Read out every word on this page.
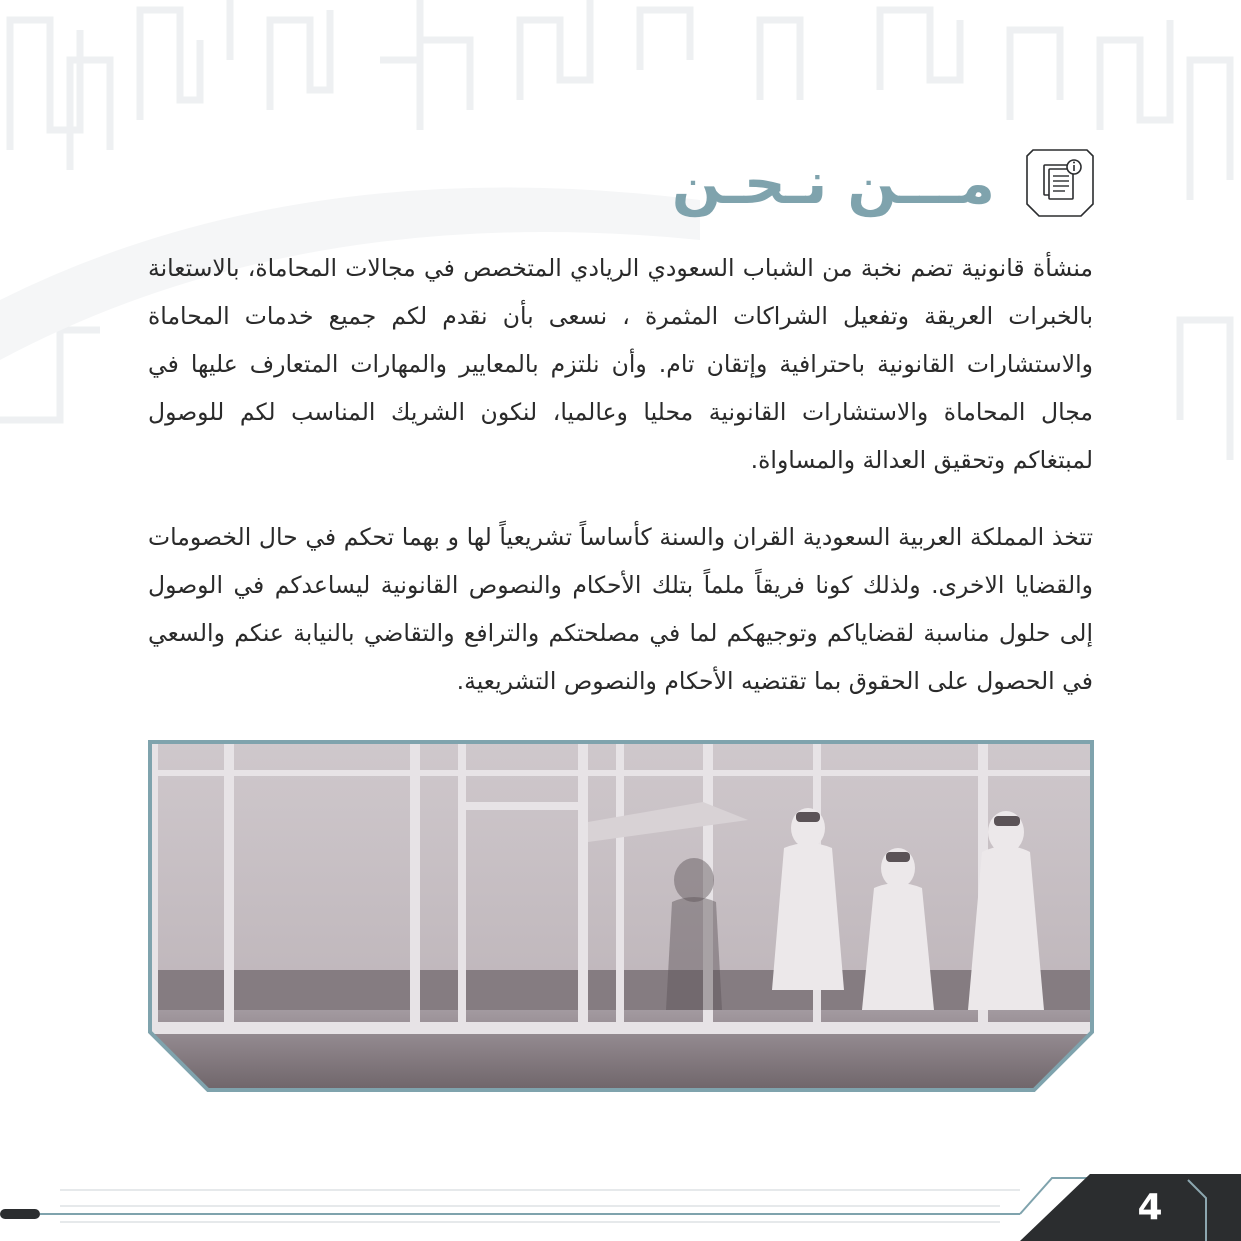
مـــن نـحـن

منشأة قانونية تضم نخبة من الشباب السعودي الريادي المتخصص في مجالات المحاماة، بالاستعانة بالخبرات العريقة وتفعيل الشراكات المثمرة ، نسعى بأن نقدم لكم جميع خدمات المحاماة والاستشارات القانونية باحترافية وإتقان تام. وأن نلتزم بالمعايير والمهارات المتعارف عليها في مجال المحاماة والاستشارات القانونية محليا وعالميا، لنكون الشريك المناسب لكم للوصول لمبتغاكم وتحقيق العدالة والمساواة.

تتخذ المملكة العربية السعودية القران والسنة كأساساً تشريعياً لها و بهما تحكم في حال الخصومات والقضايا الاخرى. ولذلك كونا فريقاً ملماً بتلك الأحكام والنصوص القانونية ليساعدكم في الوصول إلى حلول مناسبة لقضاياكم وتوجيهكم لما في مصلحتكم والترافع والتقاضي بالنيابة عنكم والسعي في الحصول على الحقوق بما تقتضيه الأحكام والنصوص التشريعية.

4
